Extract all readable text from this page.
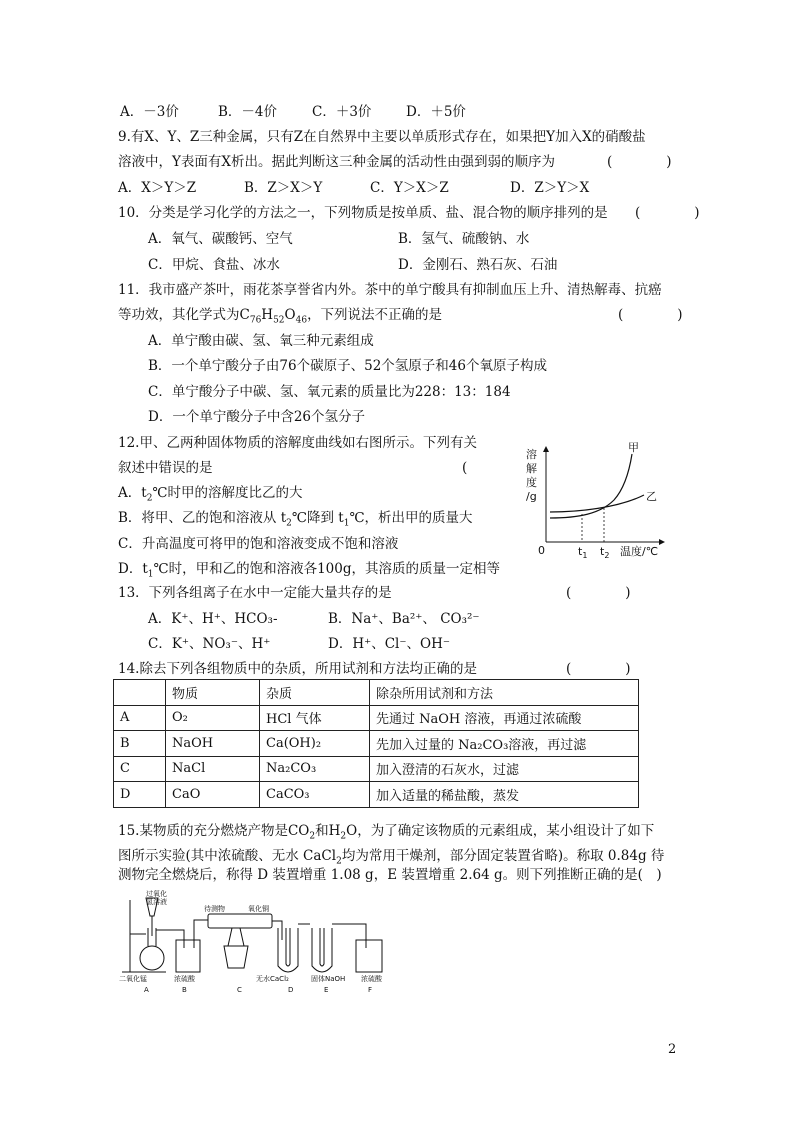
A．－3价	B．－4价	C．＋3价	D．＋5价
9.有X、Y、Z三种金属，只有Z在自然界中主要以单质形式存在，如果把Y加入X的硝酸盐
溶液中，Y表面有X析出。据此判断这三种金属的活动性由强到弱的顺序为	(　　　　)
A．X＞Y＞Z	B．Z＞X＞Y	C．Y＞X＞Z	D．Z＞Y＞X
10．分类是学习化学的方法之一，下列物质是按单质、盐、混合物的顺序排列的是 (　　　　)
A．氧气、碳酸钙、空气	B．氢气、硫酸钠、水
C．甲烷、食盐、冰水	D．金刚石、熟石灰、石油
11．我市盛产茶叶，雨花茶享誉省内外。茶中的单宁酸具有抑制血压上升、清热解毒、抗癌
等功效，其化学式为$C_{76}H_{52}O_{46}$，下列说法不正确的是	(　　　　)
A．单宁酸由碳、氢、氧三种元素组成
B．一个单宁酸分子由76个碳原子、52个氢原子和46个氧原子构成
C．单宁酸分子中碳、氢、氧元素的质量比为228：13：184
D．一个单宁酸分子中含26个氢分子
12.甲、乙两种固体物质的溶解度曲线如右图所示。下列有关
叙述中错误的是	(
A．$t_2℃$时甲的溶解度比乙的大
B．将甲、乙的饱和溶液从 $t_2℃$降到 $t_1℃$，析出甲的质量大
C．升高温度可将甲的饱和溶液变成不饱和溶液
D．$t_1℃$时，甲和乙的饱和溶液各100g，其溶质的质量一定相等
溶
解
度
/g
0	温度/℃
$t_1$ $t_2$
甲
乙
13．下列各组离子在水中一定能大量共存的是	(　　　　)
A．K⁺、H⁺、HCO₃-	B．Na⁺、Ba²⁺、 CO₃²⁻
C．K⁺、NO₃⁻、H⁺	D．H⁺、Cl⁻、OH⁻
14.除去下列各组物质中的杂质，所用试剂和方法均正确的是	(　　　　)
	物质	杂质	除杂所用试剂和方法
A	O₂	HCl 气体	先通过 NaOH 溶液，再通过浓硫酸
B	NaOH	Ca(OH)₂	先加入过量的 Na₂CO₃溶液，再过滤
C	NaCl	Na₂CO₃	加入澄清的石灰水，过滤
D	CaO	CaCO₃	加入适量的稀盐酸，蒸发
15.某物质的充分燃烧产物是$CO_2$和$H_2O$，为了确定该物质的元素组成，某小组设计了如下
图所示实验(其中浓硫酸、无水 CaCl$_2$均为常用干燥剂，部分固定装置省略)。称取 0.84g 待
测物完全燃烧后，称得 D 装置增重 1.08 g，E 装置增重 2.64 g。则下列推断正确的是(　)
过氧化
氢溶液
待测物	氧化铜
二氧化锰	浓硫酸	无水CaCl₂	固体NaOH 浓硫酸
A	B	C	D	E	F
2
